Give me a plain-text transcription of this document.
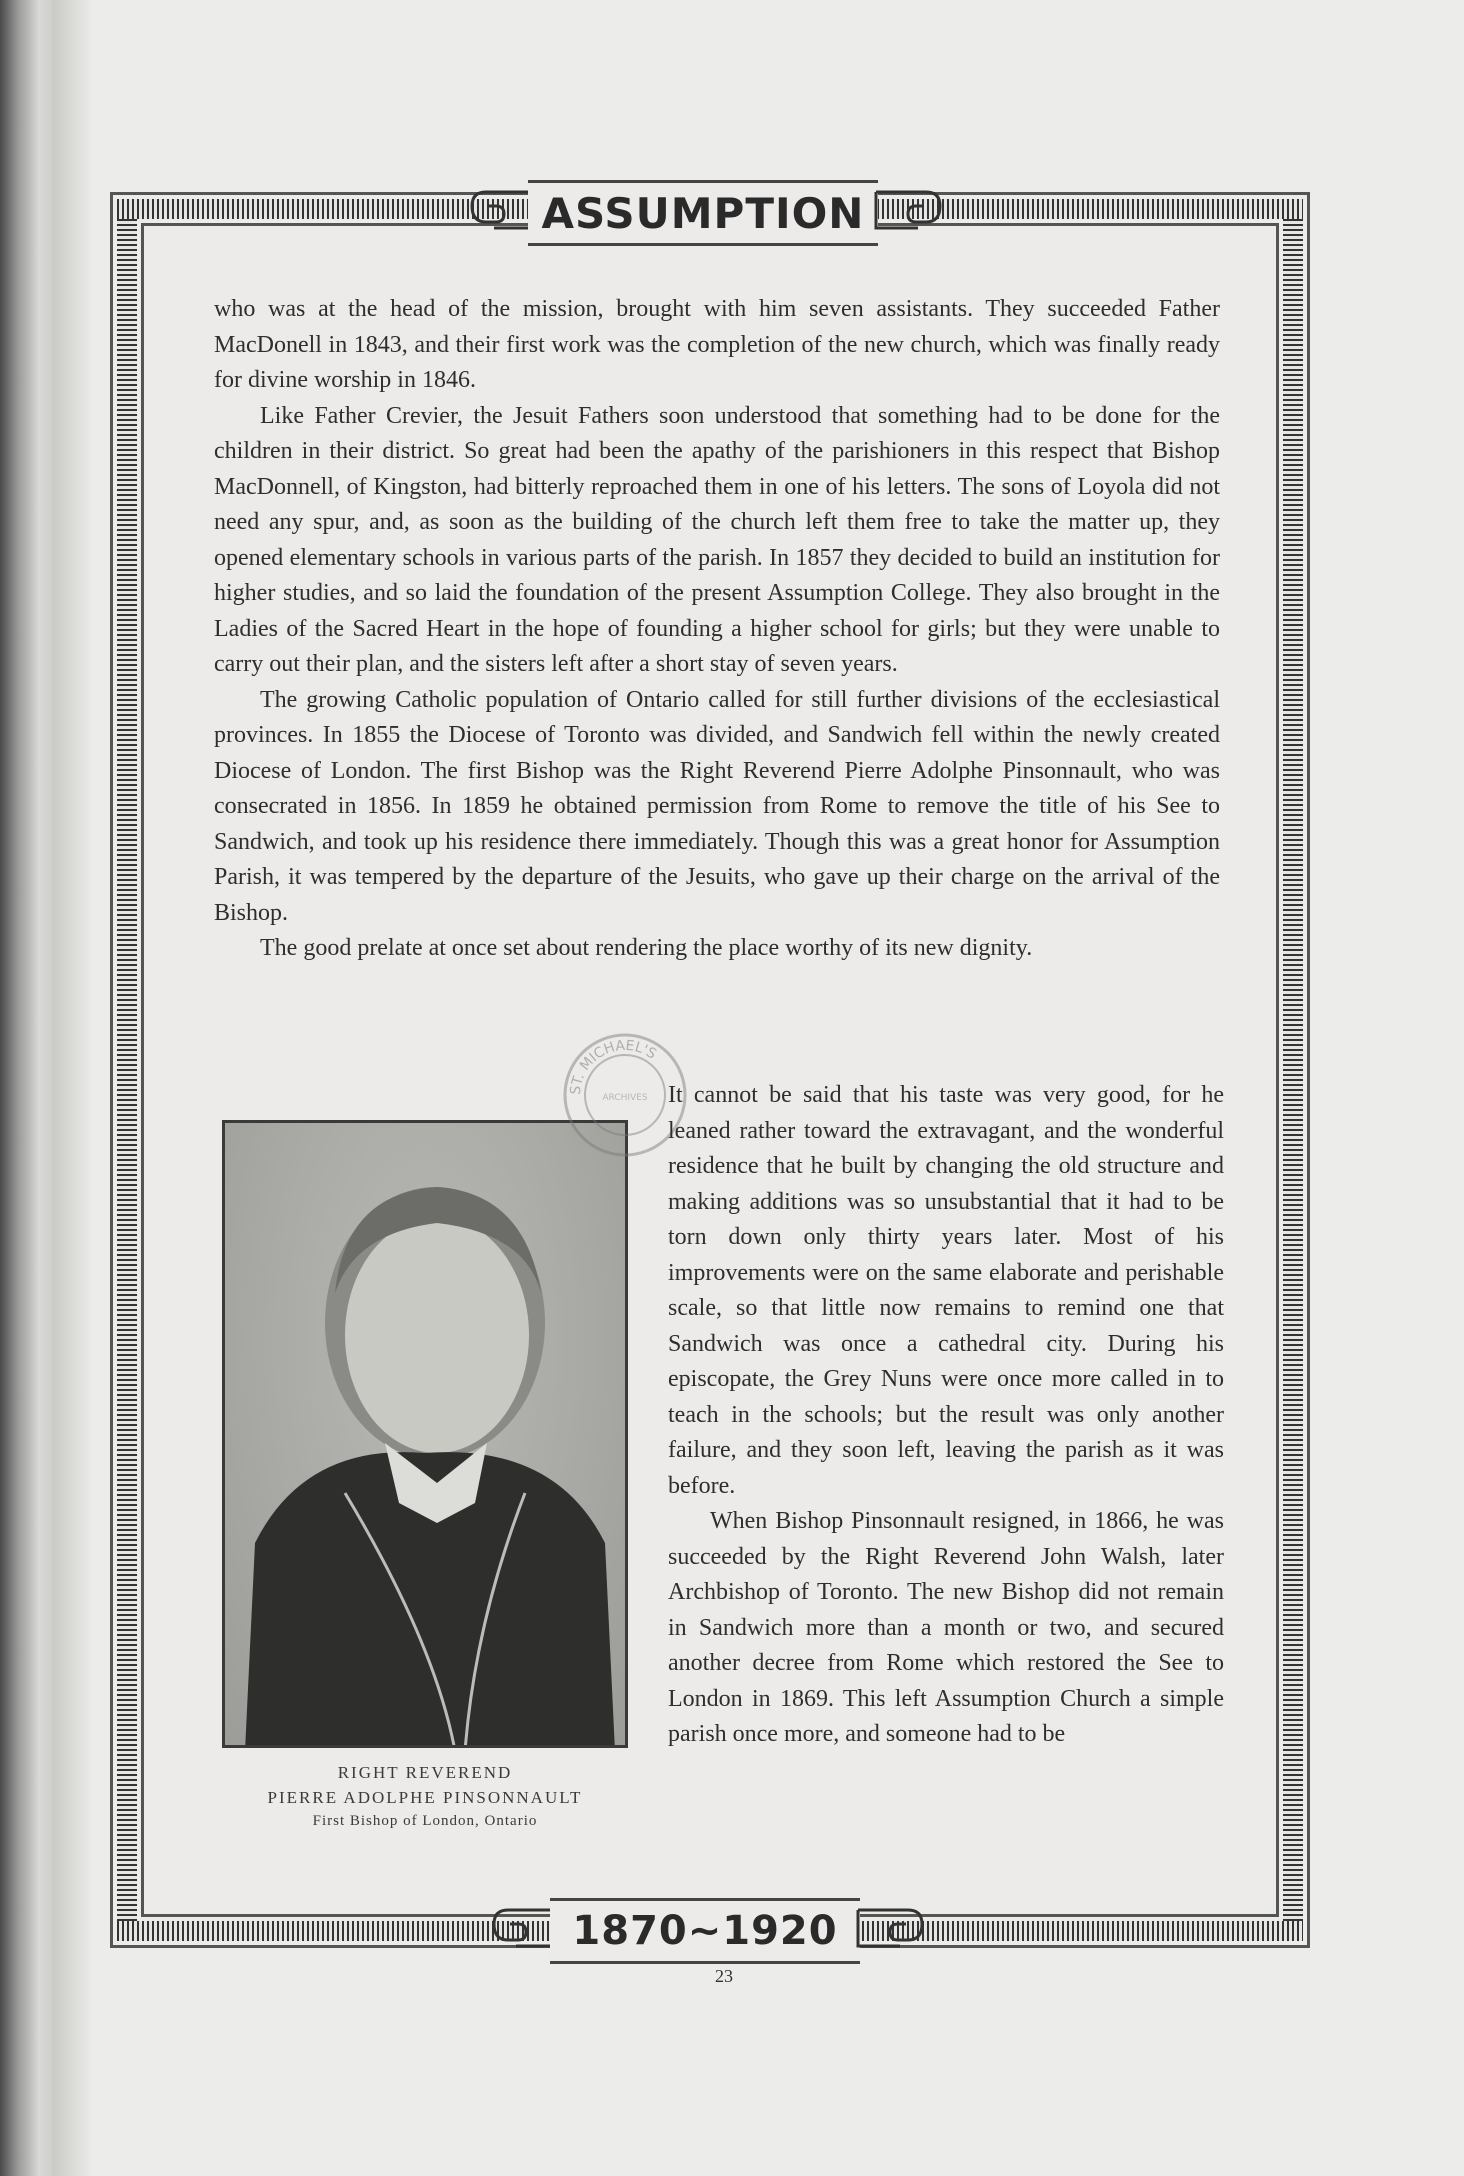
ASSUMPTION

who was at the head of the mission, brought with him seven assistants. They succeeded Father MacDonell in 1843, and their first work was the completion of the new church, which was finally ready for divine worship in 1846.

Like Father Crevier, the Jesuit Fathers soon understood that something had to be done for the children in their district. So great had been the apathy of the parishioners in this respect that Bishop MacDonnell, of Kingston, had bitterly reproached them in one of his letters. The sons of Loyola did not need any spur, and, as soon as the building of the church left them free to take the matter up, they opened elementary schools in various parts of the parish. In 1857 they decided to build an institution for higher studies, and so laid the foundation of the present Assumption College. They also brought in the Ladies of the Sacred Heart in the hope of founding a higher school for girls; but they were unable to carry out their plan, and the sisters left after a short stay of seven years.

The growing Catholic population of Ontario called for still further divisions of the ecclesiastical provinces. In 1855 the Diocese of Toronto was divided, and Sandwich fell within the newly created Diocese of London. The first Bishop was the Right Reverend Pierre Adolphe Pinsonnault, who was consecrated in 1856. In 1859 he obtained permission from Rome to remove the title of his See to Sandwich, and took up his residence there immediately. Though this was a great honor for Assumption Parish, it was tempered by the departure of the Jesuits, who gave up their charge on the arrival of the Bishop.

The good prelate at once set about rendering the place worthy of its new dignity.

RIGHT REVEREND
PIERRE ADOLPHE PINSONNAULT
First Bishop of London, Ontario
ST. MICHAEL'S
ARCHIVES It cannot be said that his taste was very good, for he leaned rather toward the extravagant, and the wonderful residence that he built by changing the old structure and making additions was so unsubstantial that it had to be torn down only thirty years later. Most of his improvements were on the same elaborate and perishable scale, so that little now remains to remind one that Sandwich was once a cathedral city. During his episcopate, the Grey Nuns were once more called in to teach in the schools; but the result was only another failure, and they soon left, leaving the parish as it was before.

When Bishop Pinsonnault resigned, in 1866, he was succeeded by the Right Reverend John Walsh, later Archbishop of Toronto. The new Bishop did not remain in Sandwich more than a month or two, and secured another decree from Rome which restored the See to London in 1869. This left Assumption Church a simple parish once more, and someone had to be

1870~1920
23
